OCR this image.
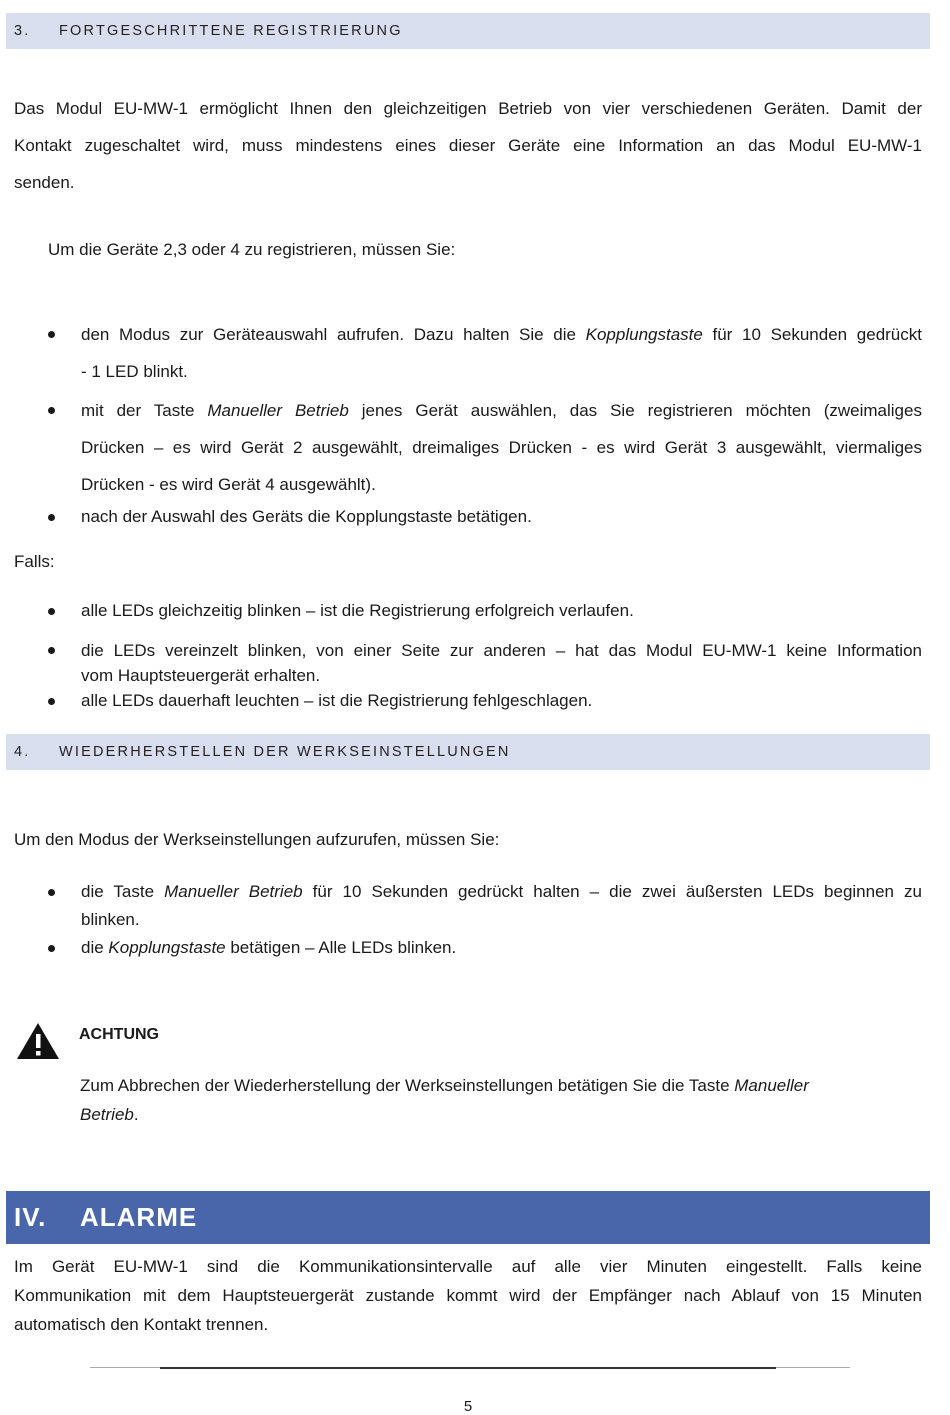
3.	FORTGESCHRITTENE REGISTRIERUNG
Das Modul EU-MW-1 ermöglicht Ihnen den gleichzeitigen Betrieb von vier verschiedenen Geräten. Damit der
Kontakt zugeschaltet wird, muss mindestens eines dieser Geräte eine Information an das Modul EU-MW-1
senden.
Um die Geräte 2,3 oder 4 zu registrieren, müssen Sie:
den Modus zur Geräteauswahl aufrufen. Dazu halten Sie die Kopplungstaste für 10 Sekunden gedrückt
- 1 LED blinkt.
mit der Taste Manueller Betrieb jenes Gerät auswählen, das Sie registrieren möchten (zweimaliges
Drücken – es wird Gerät 2 ausgewählt, dreimaliges Drücken - es wird Gerät 3 ausgewählt, viermaliges
Drücken - es wird Gerät 4 ausgewählt).
nach der Auswahl des Geräts die Kopplungstaste betätigen.
Falls:
alle LEDs gleichzeitig blinken – ist die Registrierung erfolgreich verlaufen.
die LEDs vereinzelt blinken, von einer Seite zur anderen – hat das Modul EU-MW-1 keine Information
vom Hauptsteuergerät erhalten.
alle LEDs dauerhaft leuchten – ist die Registrierung fehlgeschlagen.
4.	WIEDERHERSTELLEN DER WERKSEINSTELLUNGEN
Um den Modus der Werkseinstellungen aufzurufen, müssen Sie:
die Taste Manueller Betrieb für 10 Sekunden gedrückt halten – die zwei äußersten LEDs beginnen zu
blinken.
die Kopplungstaste betätigen – Alle LEDs blinken.
ACHTUNG
Zum Abbrechen der Wiederherstellung der Werkseinstellungen betätigen Sie die Taste Manueller
Betrieb.
IV.	ALARME
Im Gerät EU-MW-1 sind die Kommunikationsintervalle auf alle vier Minuten eingestellt. Falls keine
Kommunikation mit dem Hauptsteuergerät zustande kommt wird der Empfänger nach Ablauf von 15 Minuten
automatisch den Kontakt trennen.
5
